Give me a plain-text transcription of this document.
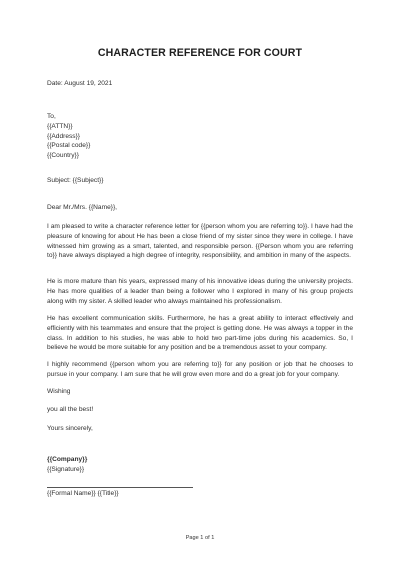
CHARACTER REFERENCE FOR COURT
Date: August 19, 2021
To,
{{ATTN}}
{{Address}}
{{Postal code}}
{{Country}}
Subject: {{Subject}}
Dear Mr./Mrs. {{Name}},
I am pleased to write a character reference letter for {{person whom you are referring to}}. I have had the pleasure of knowing for about He has been a close friend of my sister since they were in college. I have witnessed him growing as a smart, talented, and responsible person. {{Person whom you are referring to}} have always displayed a high degree of integrity, responsibility, and ambition in many of the aspects.
He is more mature than his years, expressed many of his innovative ideas during the university projects. He has more qualities of a leader than being a follower who I explored in many of his group projects along with my sister. A skilled leader who always maintained his professionalism.
He has excellent communication skills. Furthermore, he has a great ability to interact effectively and efficiently with his teammates and ensure that the project is getting done. He was always a topper in the class. In addition to his studies, he was able to hold two part-time jobs during his academics. So, I believe he would be more suitable for any position and be a tremendous asset to your company.
I highly recommend {{person whom you are referring to}} for any position or job that he chooses to pursue in your company. I am sure that he will grow even more and do a great job for your company.
Wishing
you all the best!
Yours sincerely,
{{Company}}
{{Signature}}
{{Formal Name}} {{Title}}
Page 1 of 1
